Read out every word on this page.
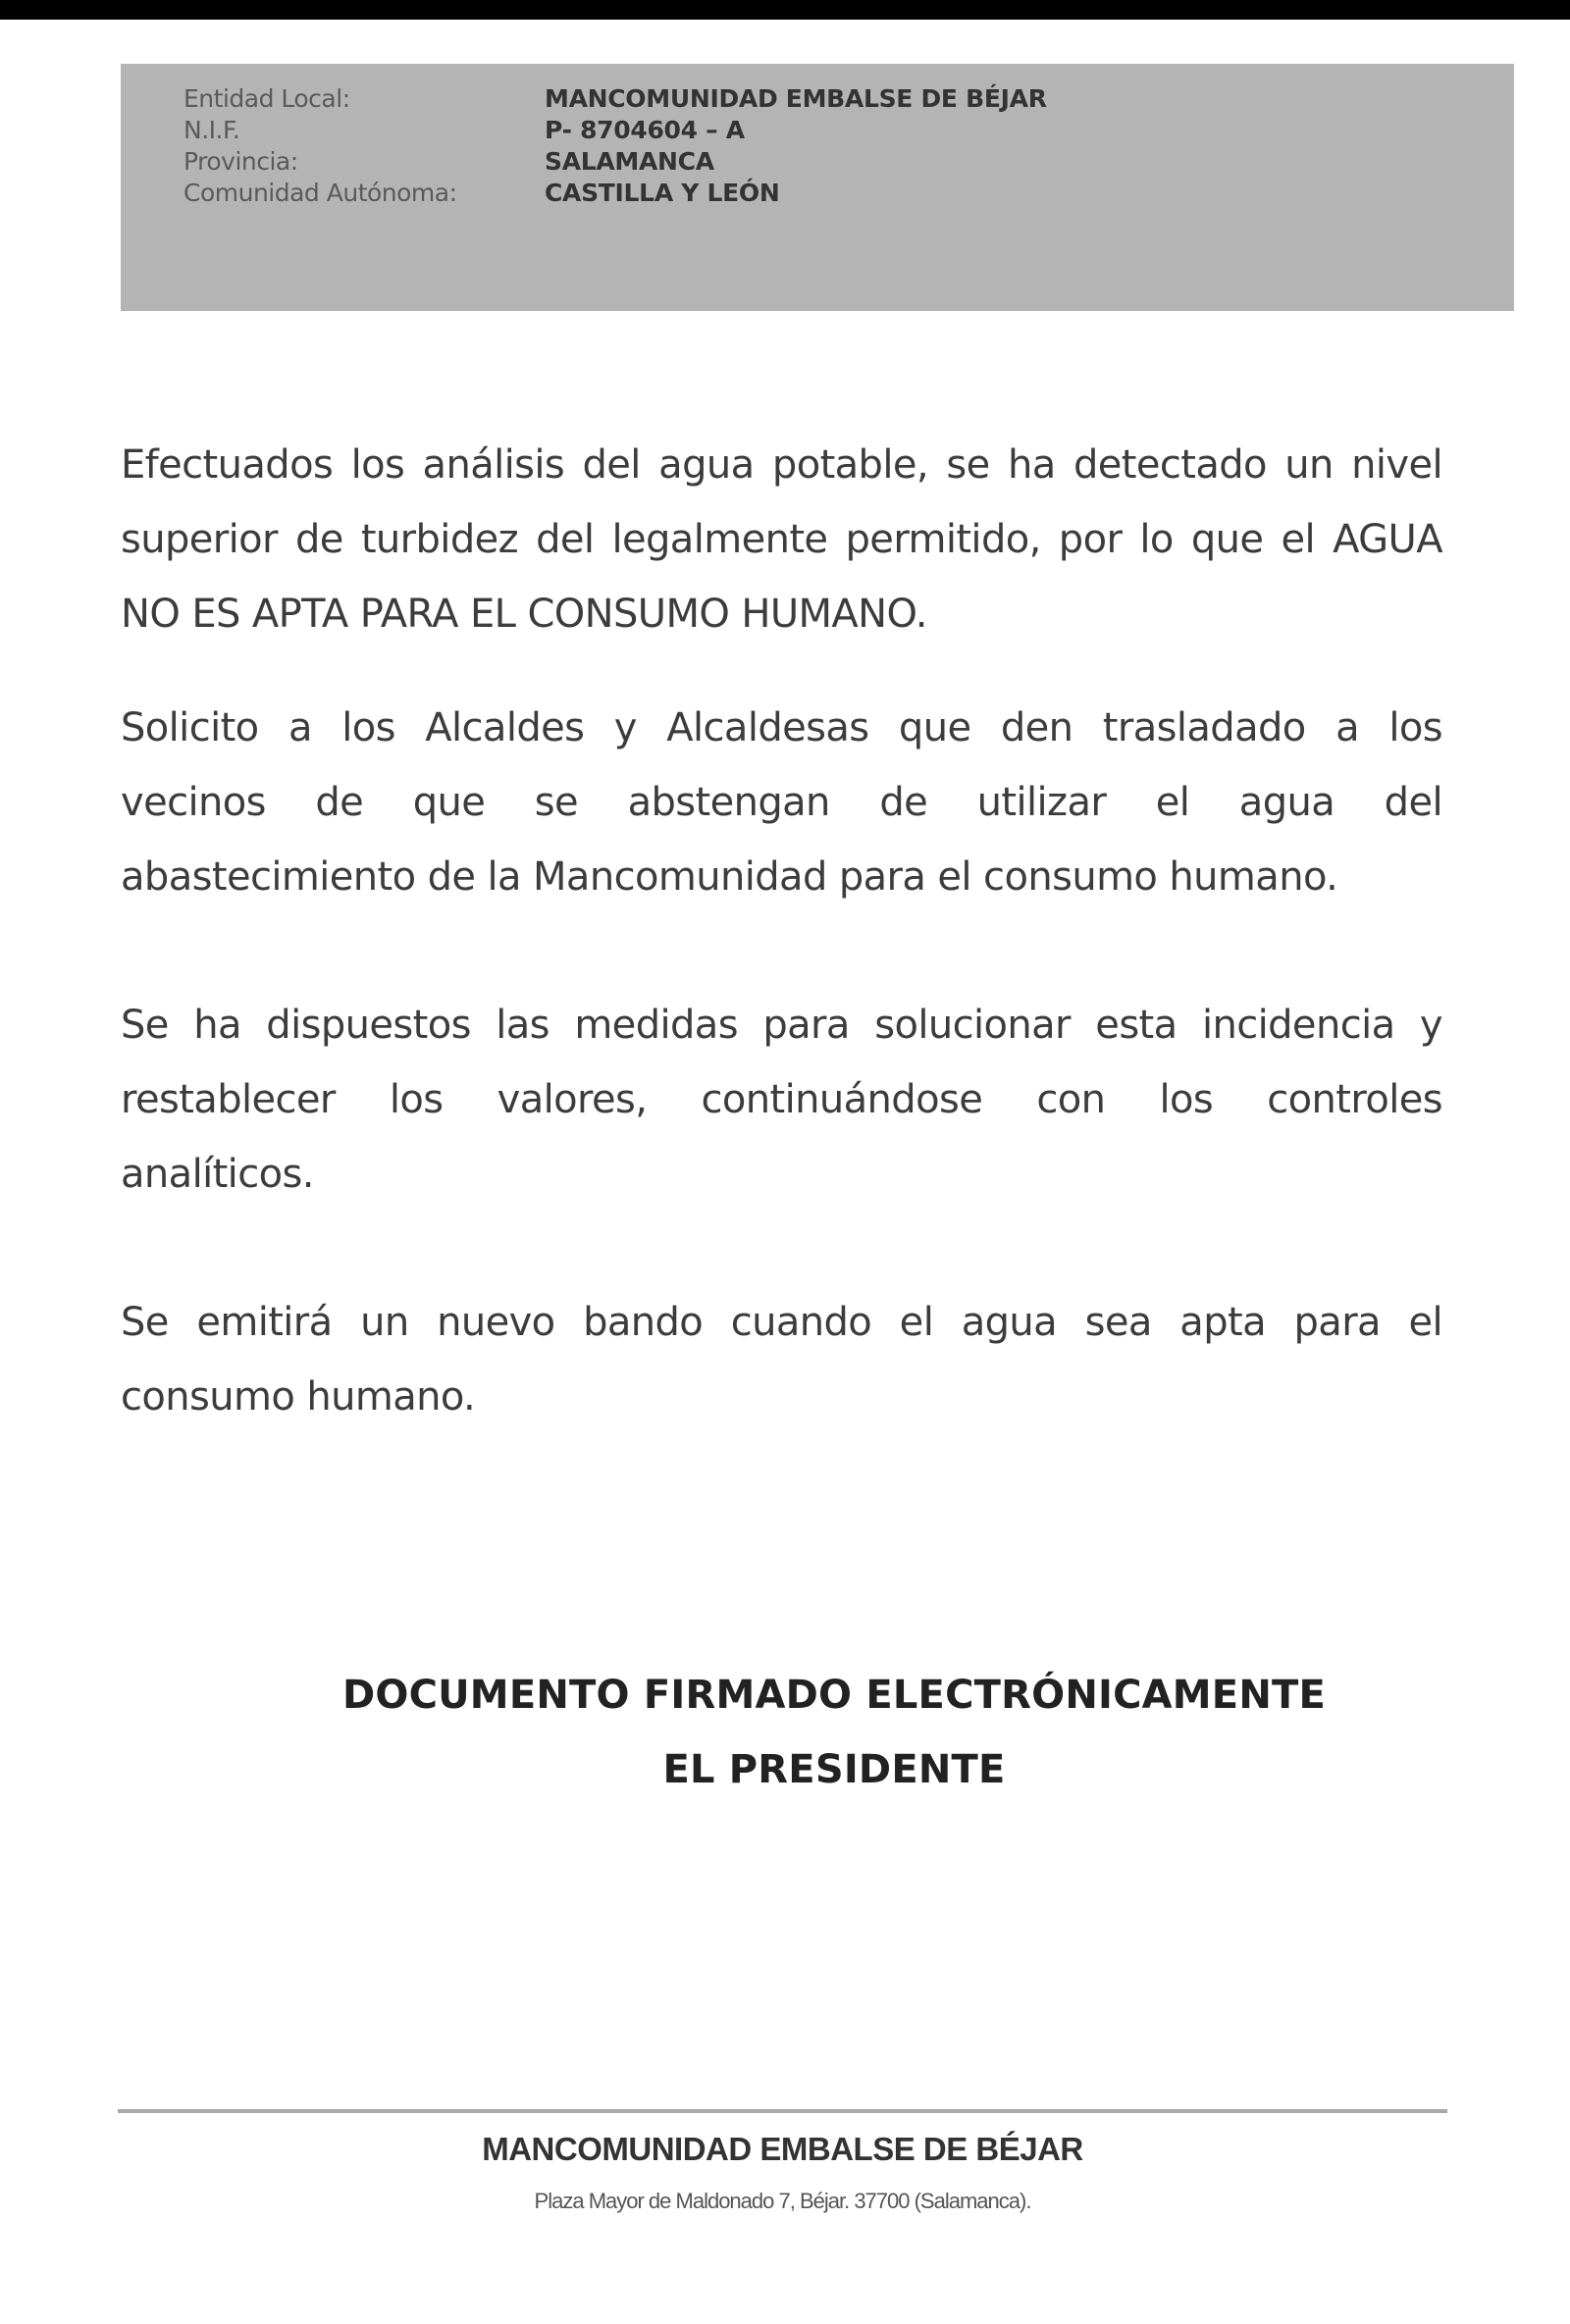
Entidad Local:	MANCOMUNIDAD EMBALSE DE BÉJAR
N.I.F.	P- 8704604 – A
Provincia:	SALAMANCA
Comunidad Autónoma:	CASTILLA Y LEÓN
Efectuados los análisis del agua potable, se ha detectado un nivel
superior de turbidez del legalmente permitido, por lo que el AGUA
NO ES APTA PARA EL CONSUMO HUMANO.
Solicito a los Alcaldes y Alcaldesas que den trasladado a los
vecinos de que se abstengan de utilizar el agua del
abastecimiento de la Mancomunidad para el consumo humano.
Se ha dispuestos las medidas para solucionar esta incidencia y
restablecer los valores, continuándose con los controles
analíticos.
Se emitirá un nuevo bando cuando el agua sea apta para el
consumo humano.
DOCUMENTO FIRMADO ELECTRÓNICAMENTE
EL PRESIDENTE
MANCOMUNIDAD EMBALSE DE BÉJAR
Plaza Mayor de Maldonado 7, Béjar. 37700 (Salamanca).
